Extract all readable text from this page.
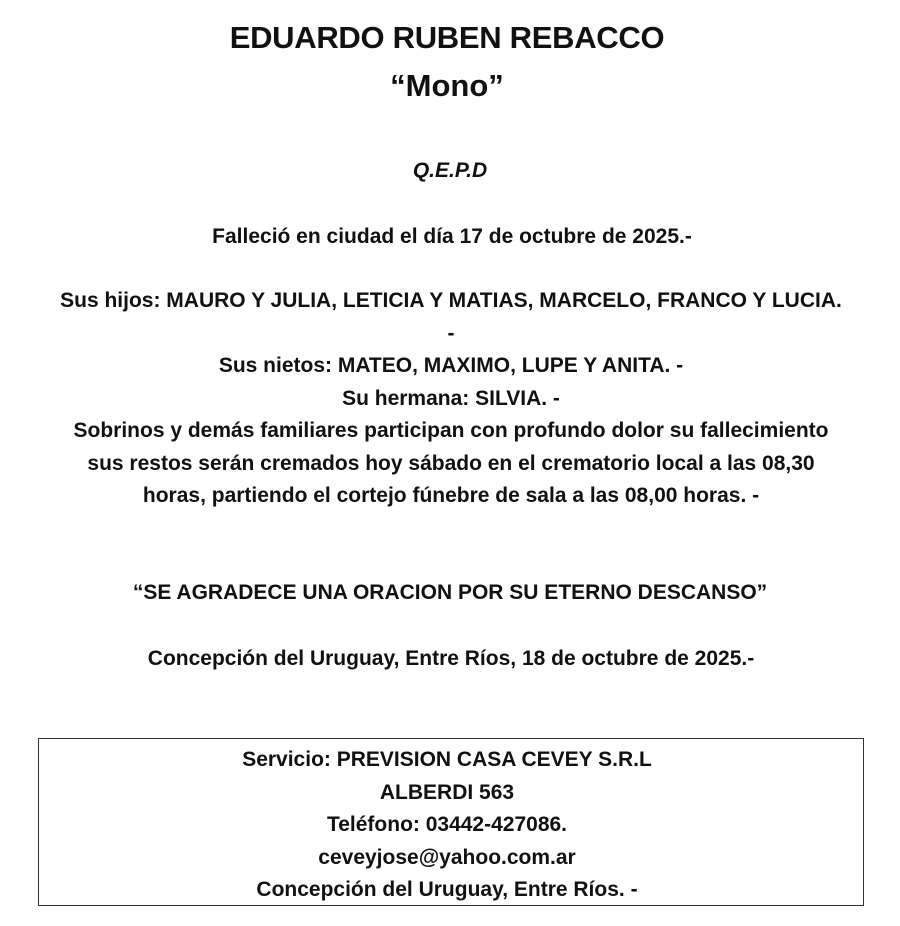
EDUARDO RUBEN REBACCO
“Mono”
Q.E.P.D
Falleció en ciudad el día 17 de octubre de 2025.-

Sus hijos: MAURO Y JULIA, LETICIA Y MATIAS, MARCELO, FRANCO Y LUCIA. -

Sus nietos: MATEO, MAXIMO, LUPE Y ANITA. -

Su hermana: SILVIA. -

Sobrinos y demás familiares participan con profundo dolor su fallecimiento sus restos serán cremados hoy sábado en el crematorio local a las 08,30 horas, partiendo el cortejo fúnebre de sala a las 08,00 horas. -

“SE AGRADECE UNA ORACION POR SU ETERNO DESCANSO”
Concepción del Uruguay, Entre Ríos, 18 de octubre de 2025.-

Servicio: PREVISION CASA CEVEY S.R.L

ALBERDI 563

Teléfono: 03442-427086.

ceveyjose@yahoo.com.ar

Concepción del Uruguay, Entre Ríos. -
